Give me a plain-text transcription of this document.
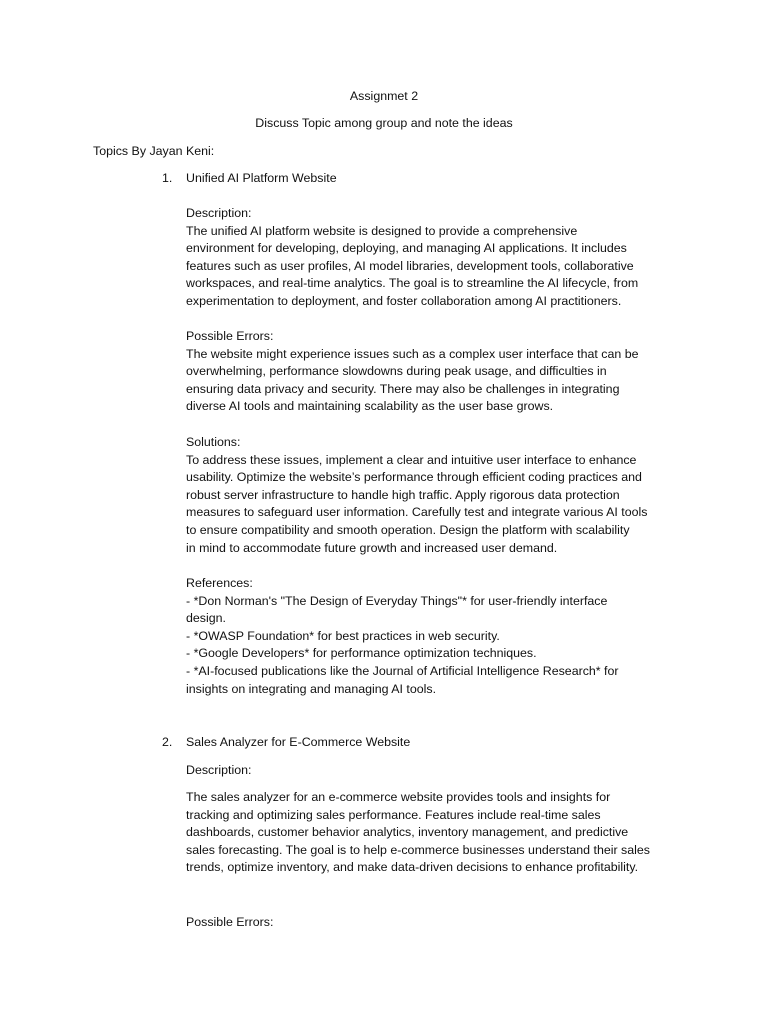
Assignmet 2
Discuss Topic among group and note the ideas
Topics By Jayan Keni:
1. Unified AI Platform Website

Description:

The unified AI platform website is designed to provide a comprehensive

environment for developing, deploying, and managing AI applications. It includes

features such as user profiles, AI model libraries, development tools, collaborative

workspaces, and real-time analytics. The goal is to streamline the AI lifecycle, from

experimentation to deployment, and foster collaboration among AI practitioners.

Possible Errors:

The website might experience issues such as a complex user interface that can be

overwhelming, performance slowdowns during peak usage, and difficulties in

ensuring data privacy and security. There may also be challenges in integrating

diverse AI tools and maintaining scalability as the user base grows.

Solutions:

To address these issues, implement a clear and intuitive user interface to enhance

usability. Optimize the website’s performance through efficient coding practices and

robust server infrastructure to handle high traffic. Apply rigorous data protection

measures to safeguard user information. Carefully test and integrate various AI tools

to ensure compatibility and smooth operation. Design the platform with scalability

in mind to accommodate future growth and increased user demand.

References:

- *Don Norman's "The Design of Everyday Things"* for user-friendly interface

design.

- *OWASP Foundation* for best practices in web security.

- *Google Developers* for performance optimization techniques.

- *AI-focused publications like the Journal of Artificial Intelligence Research* for

insights on integrating and managing AI tools.

2. Sales Analyzer for E-Commerce Website

Description:

The sales analyzer for an e-commerce website provides tools and insights for

tracking and optimizing sales performance. Features include real-time sales

dashboards, customer behavior analytics, inventory management, and predictive

sales forecasting. The goal is to help e-commerce businesses understand their sales

trends, optimize inventory, and make data-driven decisions to enhance profitability.

Possible Errors:
